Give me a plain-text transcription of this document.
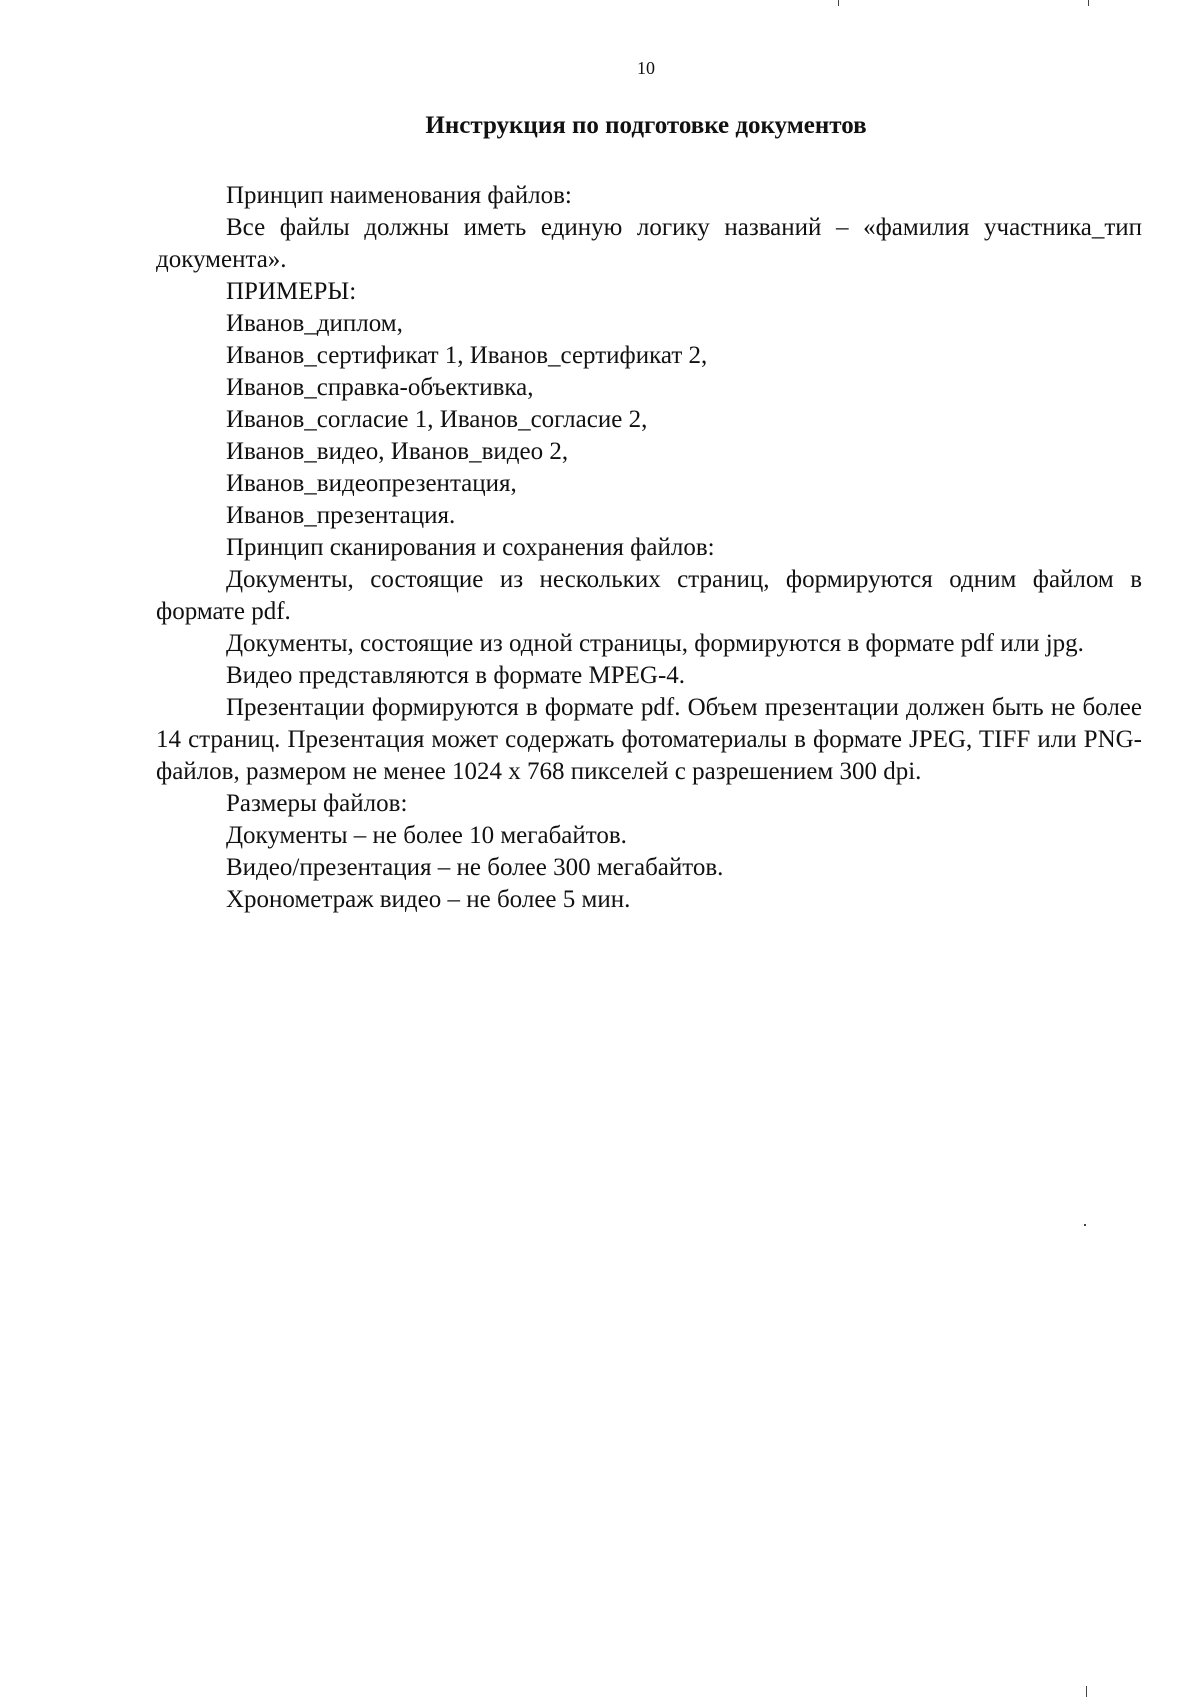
10
Инструкция по подготовке документов

Принцип наименования файлов:

Все файлы должны иметь единую логику названий – «фамилия участника_тип документа».

ПРИМЕРЫ:

Иванов_диплом,

Иванов_сертификат 1, Иванов_сертификат 2,

Иванов_справка-объективка,

Иванов_согласие 1, Иванов_согласие 2,

Иванов_видео, Иванов_видео 2,

Иванов_видеопрезентация,

Иванов_презентация.

Принцип сканирования и сохранения файлов:

Документы, состоящие из нескольких страниц, формируются одним файлом в формате pdf.

Документы, состоящие из одной страницы, формируются в формате pdf или jpg.

Видео представляются в формате MPEG-4.

Презентации формируются в формате pdf. Объем презентации должен быть не более 14 страниц. Презентация может содержать фотоматериалы в формате JPEG, TIFF или PNG-файлов, размером не менее 1024 x 768 пикселей с разрешением 300 dpi.

Размеры файлов:

Документы – не более 10 мегабайтов.

Видео/презентация – не более 300 мегабайтов.

Хронометраж видео – не более 5 мин.
